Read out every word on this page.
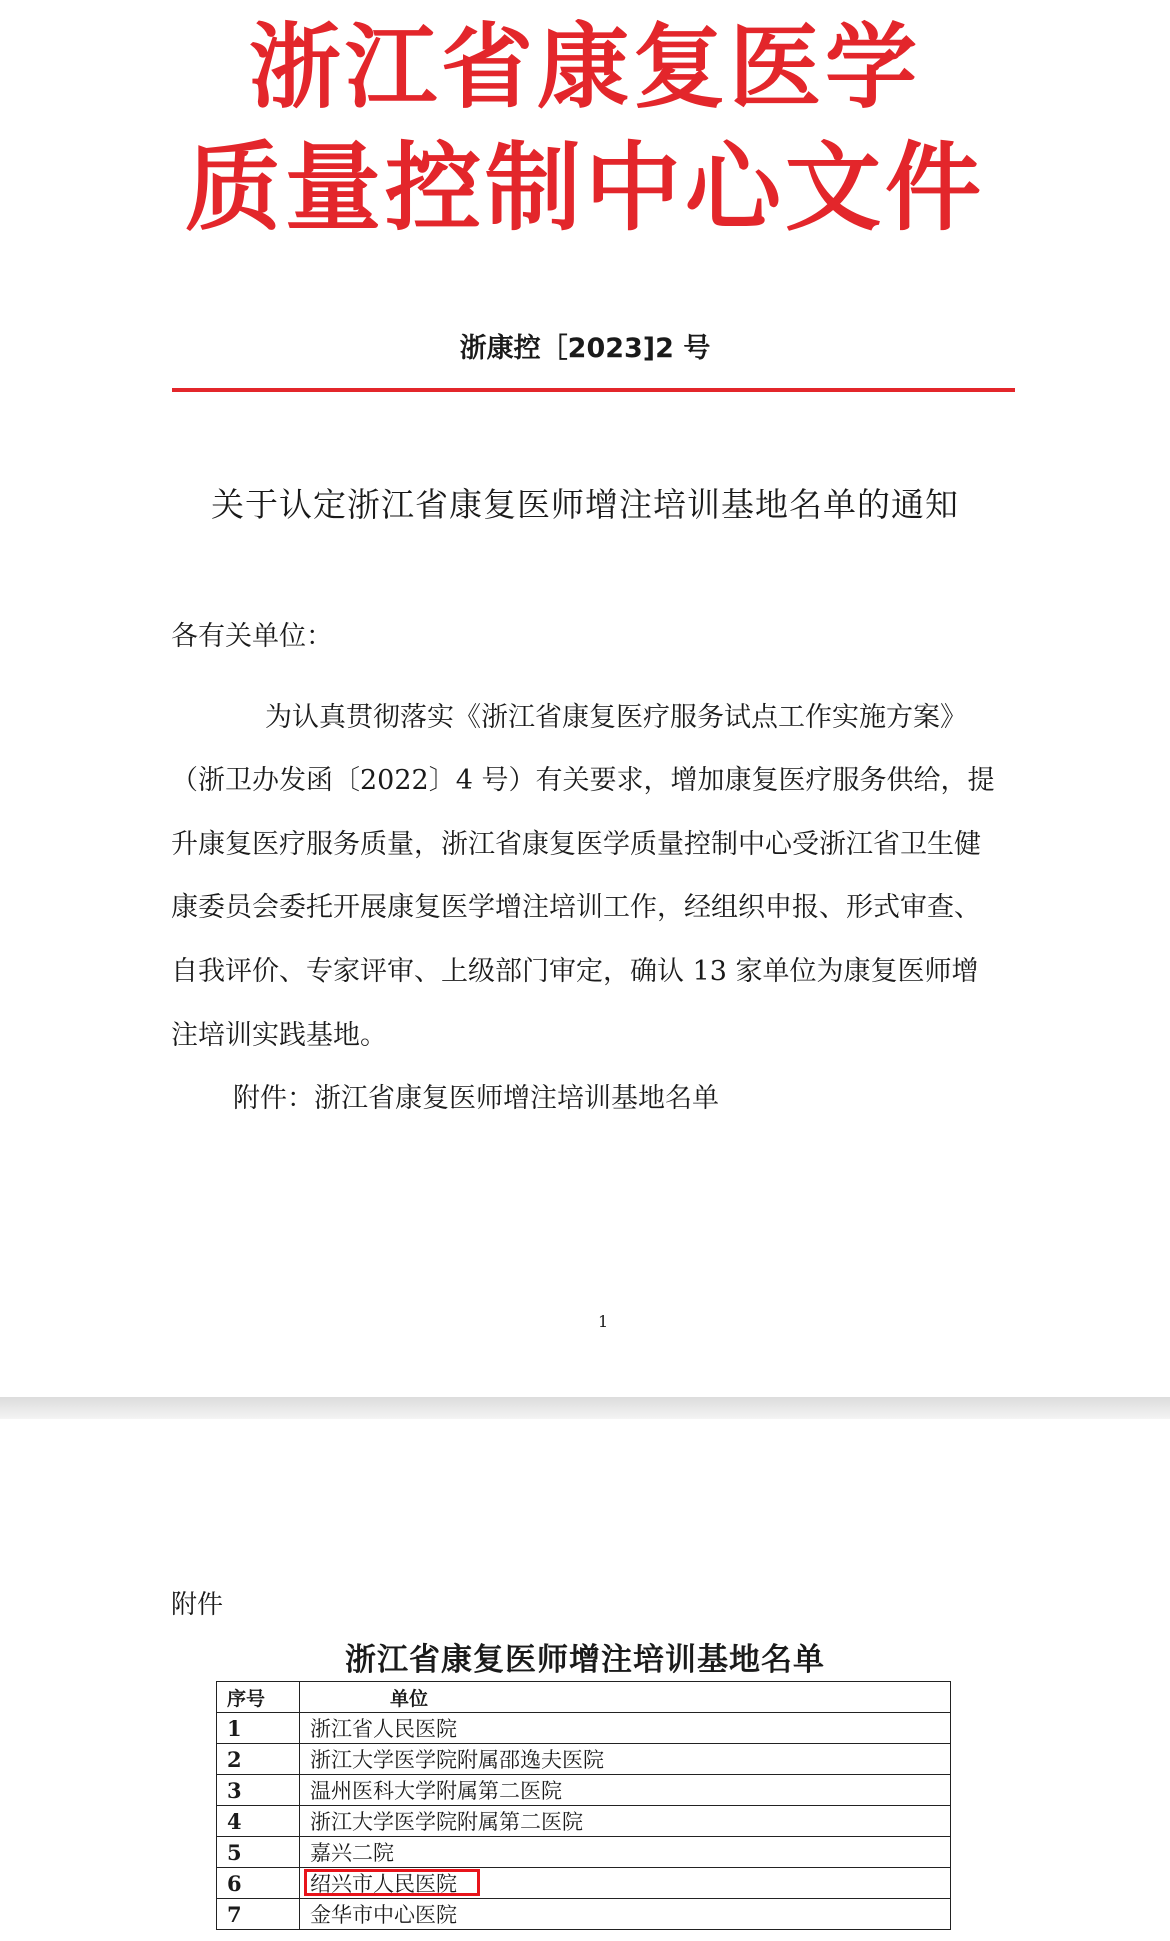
浙江省康复医学
质量控制中心文件
浙康控［2023]2 号
关于认定浙江省康复医师增注培训基地名单的通知
各有关单位：
为认真贯彻落实《浙江省康复医疗服务试点工作实施方案》
（浙卫办发函〔2022〕4 号）有关要求，增加康复医疗服务供给，提
升康复医疗服务质量，浙江省康复医学质量控制中心受浙江省卫生健
康委员会委托开展康复医学增注培训工作，经组织申报、形式审查、
自我评价、专家评审、上级部门审定，确认 13 家单位为康复医师增
注培训实践基地。
附件：浙江省康复医师增注培训基地名单
1
附件
浙江省康复医师增注培训基地名单
序号	单位
1	浙江省人民医院
2	浙江大学医学院附属邵逸夫医院
3	温州医科大学附属第二医院
4	浙江大学医学院附属第二医院
5	嘉兴二院
6	绍兴市人民医院

7	金华市中心医院
